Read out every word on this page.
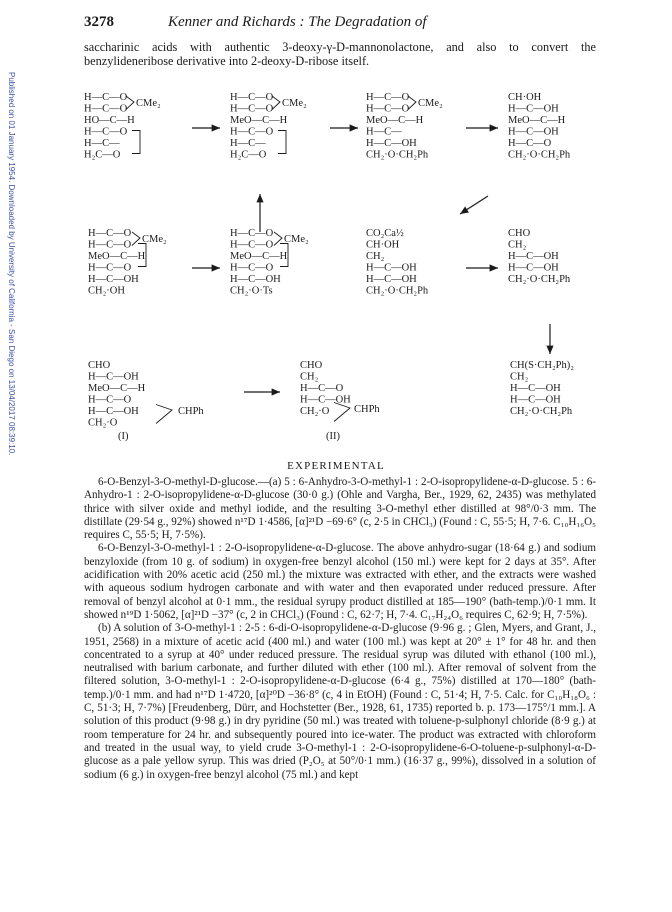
Published on 01 January 1954. Downloaded by University of California - San Diego on 13/04/2017 08:39:10.
3278	Kenner and Richards : The Degradation of
saccharinic acids with authentic 3-deoxy-γ-D-mannonolactone, and also to convert the benzylideneribose derivative into 2-deoxy-D-ribose itself.
H—C—O
H—C—O
HO—C—H
H—C—O
H—C—
H₂C—O
H—C—O
H—C—O
MeO—C—H
H—C—O
H—C—
H₂C—O
H—C—O
H—C—O
MeO—C—H
H—C—
H—C—OH
CH₂·O·CH₂Ph
CH·OH
H—C—OH
MeO—C—H
H—C—OH
H—C—O
CH₂·O·CH₂Ph
CMe₂	CMe₂	CMe₂
H—C—O
H—C—O
MeO—C—H
H—C—O
H—C—OH
CH₂·OH
H—C—O
H—C—O
MeO—C—H
H—C—O
H—C—OH
CH₂·O·Ts
CO₂Ca½
CH·OH
CH₂
H—C—OH
H—C—OH
CH₂·O·CH₂Ph
CHO
CH₂
H—C—OH
H—C—OH
CH₂·O·CH₂Ph
CMe₂	CMe₂
CHO
H—C—OH
MeO—C—H
H—C—O
H—C—OH
CH₂·O
CHO
CH₂
H—C—O
H—C—OH
CH₂·O
CH(S·CH₂Ph)₂
CH₂
H—C—OH
H—C—OH
CH₂·O·CH₂Ph
CHPh	CHPh
(I)	(II)
EXPERIMENTAL

6-O-Benzyl-3-O-methyl-D-glucose.—(a) 5 : 6-Anhydro-3-O-methyl-1 : 2-O-isopropylidene-α-D-glucose. 5 : 6-Anhydro-1 : 2-O-isopropylidene-α-D-glucose (30·0 g.) (Ohle and Vargha, Ber., 1929, 62, 2435) was methylated thrice with silver oxide and methyl iodide, and the resulting 3-O-methyl ether distilled at 98°/0·3 mm. The distillate (29·54 g., 92%) showed n¹⁷D 1·4586, [α]²¹D −69·6° (c, 2·5 in CHCl₃) (Found : C, 55·5; H, 7·6. C₁₀H₁₆O₅ requires C, 55·5; H, 7·5%).

6-O-Benzyl-3-O-methyl-1 : 2-O-isopropylidene-α-D-glucose. The above anhydro-sugar (18·64 g.) and sodium benzyloxide (from 10 g. of sodium) in oxygen-free benzyl alcohol (150 ml.) were kept for 2 days at 35°. After acidification with 20% acetic acid (250 ml.) the mixture was extracted with ether, and the extracts were washed with aqueous sodium hydrogen carbonate and with water and then evaporated under reduced pressure. After removal of benzyl alcohol at 0·1 mm., the residual syrupy product distilled at 185—190° (bath-temp.)/0·1 mm. It showed n¹⁹D 1·5062, [α]²¹D −37° (c, 2 in CHCl₃) (Found : C, 62·7; H, 7·4. C₁₇H₂₄O₆ requires C, 62·9; H, 7·5%).

(b) A solution of 3-O-methyl-1 : 2-5 : 6-di-O-isopropylidene-α-D-glucose (9·96 g. ; Glen, Myers, and Grant, J., 1951, 2568) in a mixture of acetic acid (400 ml.) and water (100 ml.) was kept at 20° ± 1° for 48 hr. and then concentrated to a syrup at 40° under reduced pressure. The residual syrup was diluted with ethanol (100 ml.), neutralised with barium carbonate, and further diluted with ether (100 ml.). After removal of solvent from the filtered solution, 3-O-methyl-1 : 2-O-isopropylidene-α-D-glucose (6·4 g., 75%) distilled at 170—180° (bath-temp.)/0·1 mm. and had n¹⁷D 1·4720, [α]²⁰D −36·8° (c, 4 in EtOH) (Found : C, 51·4; H, 7·5. Calc. for C₁₀H₁₈O₆ : C, 51·3; H, 7·7%) [Freudenberg, Dürr, and Hochstetter (Ber., 1928, 61, 1735) reported b. p. 173—175°/1 mm.]. A solution of this product (9·98 g.) in dry pyridine (50 ml.) was treated with toluene-p-sulphonyl chloride (8·9 g.) at room temperature for 24 hr. and subsequently poured into ice-water. The product was extracted with chloroform and treated in the usual way, to yield crude 3-O-methyl-1 : 2-O-isopropylidene-6-O-toluene-p-sulphonyl-α-D-glucose as a pale yellow syrup. This was dried (P₂O₅ at 50°/0·1 mm.) (16·37 g., 99%), dissolved in a solution of sodium (6 g.) in oxygen-free benzyl alcohol (75 ml.) and kept
